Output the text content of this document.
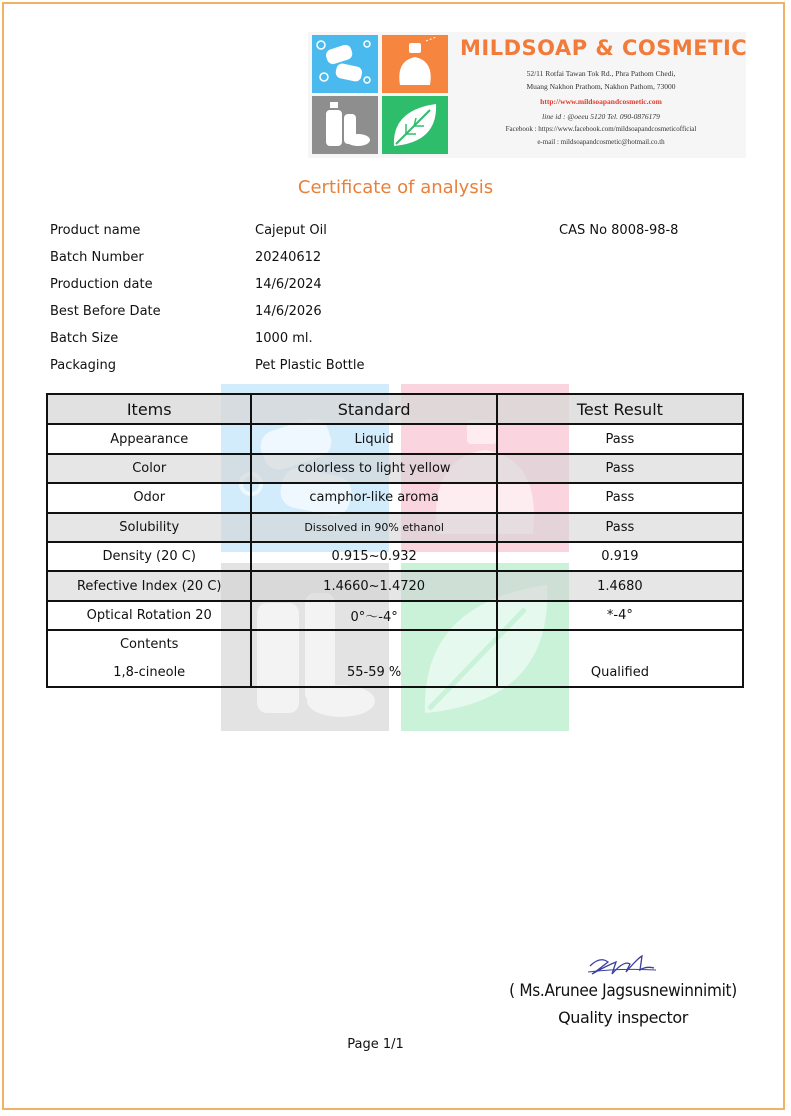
MILDSOAP & COSMETIC
52/11 Rotfai Tawan Tok Rd., Phra Pathom Chedi,
Muang Nakhon Prathom, Nakhon Pathom, 73000
http://www.mildsoapandcosmetic.com
line id : @oeeu 5120 Tel. 090-0876179
Facebook : https://www.facebook.com/mildsoapandcosmeticofficial
e-mail : mildsoapandcosmetic@hotmail.co.th
Certificate of analysis
Product name	Cajeput Oil	CAS No 8008-98-8
Batch Number	20240612
Production date	14/6/2024
Best Before Date	14/6/2026
Batch Size	1000 ml.
Packaging	Pet Plastic Bottle
Items	Standard	Test Result
Appearance	Liquid	Pass
Color	colorless to light yellow	Pass
Odor	camphor-like aroma	Pass
Solubility	Dissolved in 90% ethanol	Pass
Density (20 C)	0.915~0.932	0.919
Refective Index (20 C)	1.4660~1.4720	1.4680
Optical Rotation 20	0°～-4°	*-4°
Contents		
1,8-cineole	55-59 %	Qualified
( Ms.Arunee Jagsusnewinnimit)
Quality inspector
Page 1/1
